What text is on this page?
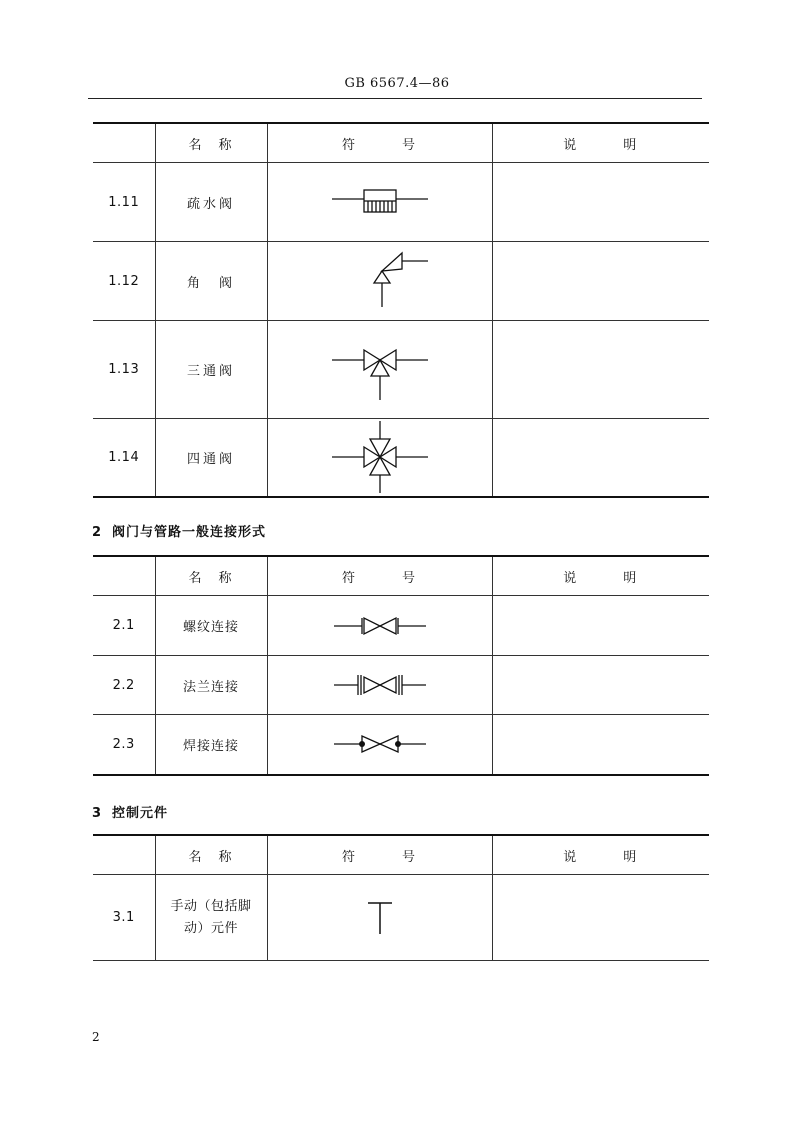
GB 6567.4—86
	名　称	符　　　号	说　　　明
1.11	疏水阀	

1.12	角　阀	

1.13	三通阀	

1.14	四通阀	

2 阀门与管路一般连接形式
	名　称	符　　　号	说　　　明
2.1	螺纹连接	

2.2	法兰连接	

2.3	焊接连接	

3 控制元件
	名　称	符　　　号	说　　　明
3.1	手动（包括脚
动）元件

2
